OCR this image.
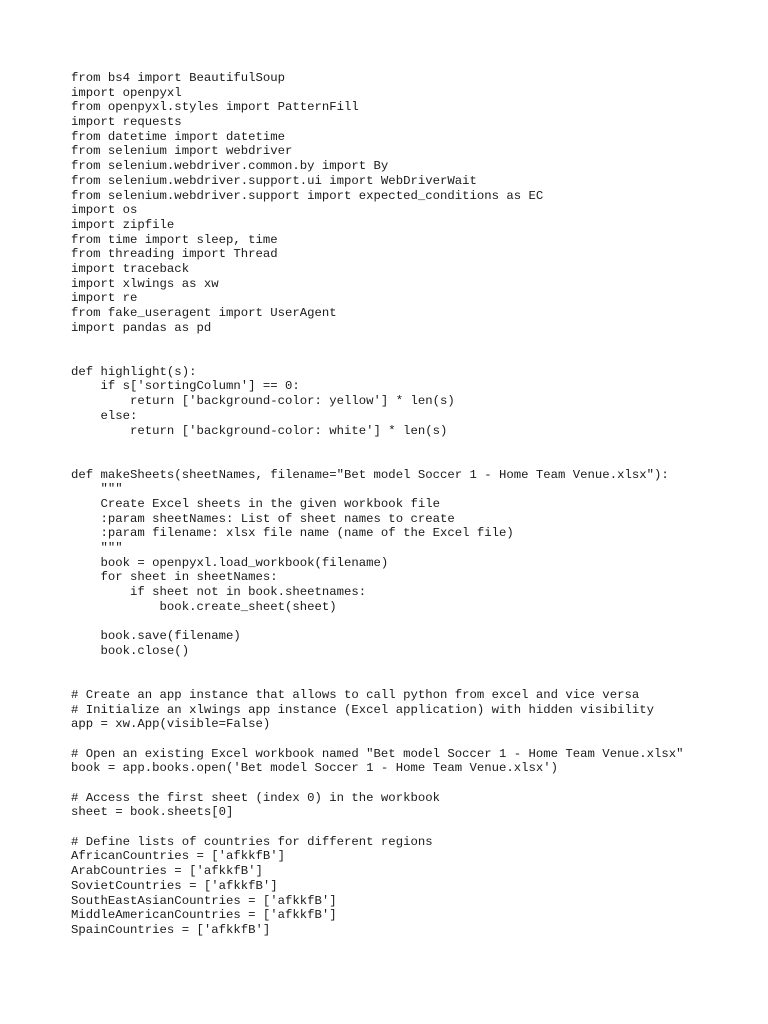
from bs4 import BeautifulSoup
import openpyxl
from openpyxl.styles import PatternFill
import requests
from datetime import datetime
from selenium import webdriver
from selenium.webdriver.common.by import By
from selenium.webdriver.support.ui import WebDriverWait
from selenium.webdriver.support import expected_conditions as EC
import os
import zipfile
from time import sleep, time
from threading import Thread
import traceback
import xlwings as xw
import re
from fake_useragent import UserAgent
import pandas as pd
def highlight(s):
if s['sortingColumn'] == 0:
return ['background-color: yellow'] * len(s)
else:
return ['background-color: white'] * len(s)
def makeSheets(sheetNames, filename="Bet model Soccer 1 - Home Team Venue.xlsx"):
"""
Create Excel sheets in the given workbook file
:param sheetNames: List of sheet names to create
:param filename: xlsx file name (name of the Excel file)
"""
book = openpyxl.load_workbook(filename)
for sheet in sheetNames:
if sheet not in book.sheetnames:
book.create_sheet(sheet)
book.save(filename)
book.close()
# Create an app instance that allows to call python from excel and vice versa
# Initialize an xlwings app instance (Excel application) with hidden visibility
app = xw.App(visible=False)
# Open an existing Excel workbook named "Bet model Soccer 1 - Home Team Venue.xlsx"
book = app.books.open('Bet model Soccer 1 - Home Team Venue.xlsx')
# Access the first sheet (index 0) in the workbook
sheet = book.sheets[0]
# Define lists of countries for different regions
AfricanCountries = ['afkkfB']
ArabCountries = ['afkkfB']
SovietCountries = ['afkkfB']
SouthEastAsianCountries = ['afkkfB']
MiddleAmericanCountries = ['afkkfB']
SpainCountries = ['afkkfB']
